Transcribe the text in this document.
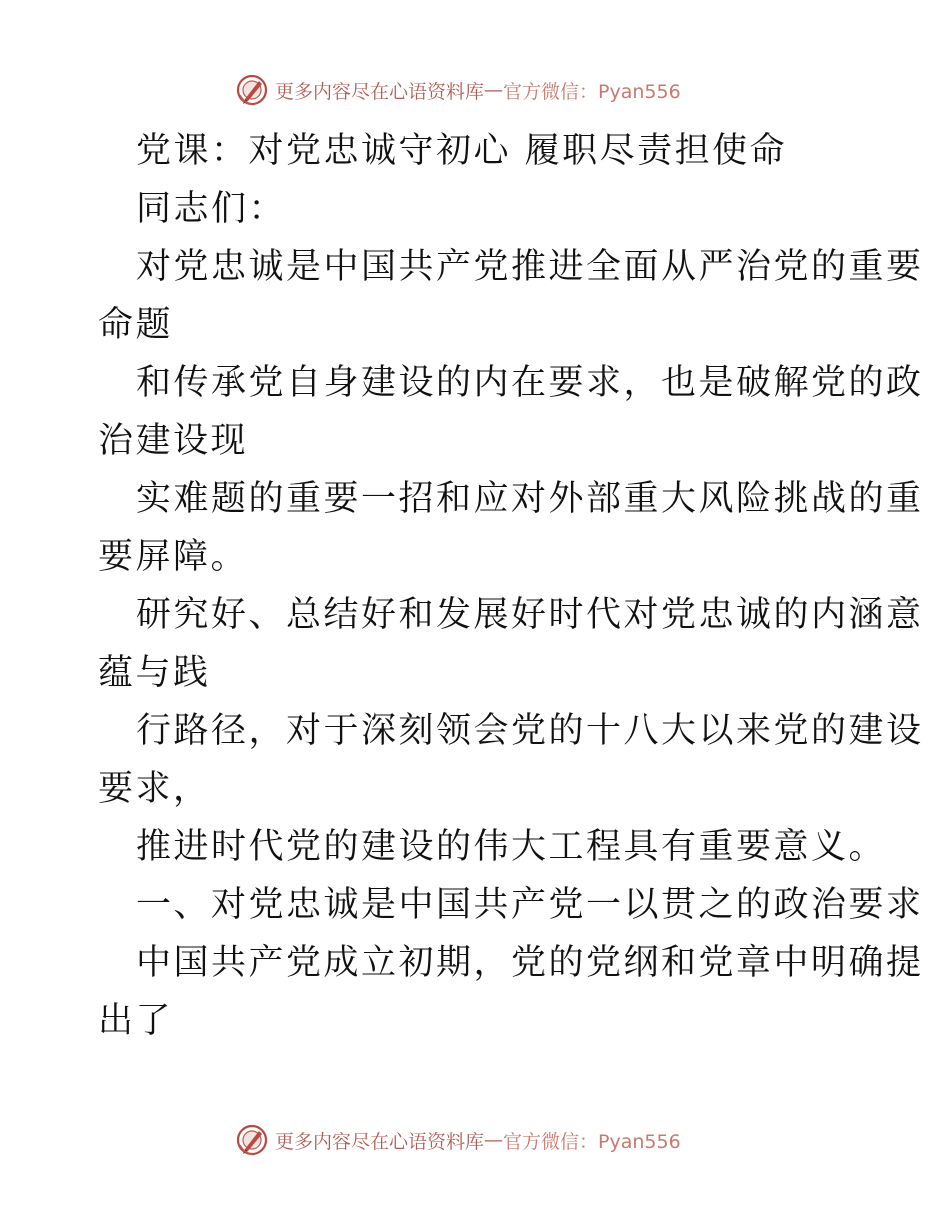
更多内容尽在心语资料库 — 官方微信：Pyan556

党课：对党忠诚守初心 履职尽责担使命

同志们：

对党忠诚是中国共产党推进全面从严治党的重要

命题

和传承党自身建设的内在要求，也是破解党的政

治建设现

实难题的重要一招和应对外部重大风险挑战的重

要屏障。

研究好、总结好和发展好时代对党忠诚的内涵意

蕴与践

行路径，对于深刻领会党的十八大以来党的建设

要求，

推进时代党的建设的伟大工程具有重要意义。

一、对党忠诚是中国共产党一以贯之的政治要求

中国共产党成立初期，党的党纲和党章中明确提

出了

更多内容尽在心语资料库 — 官方微信：Pyan556
